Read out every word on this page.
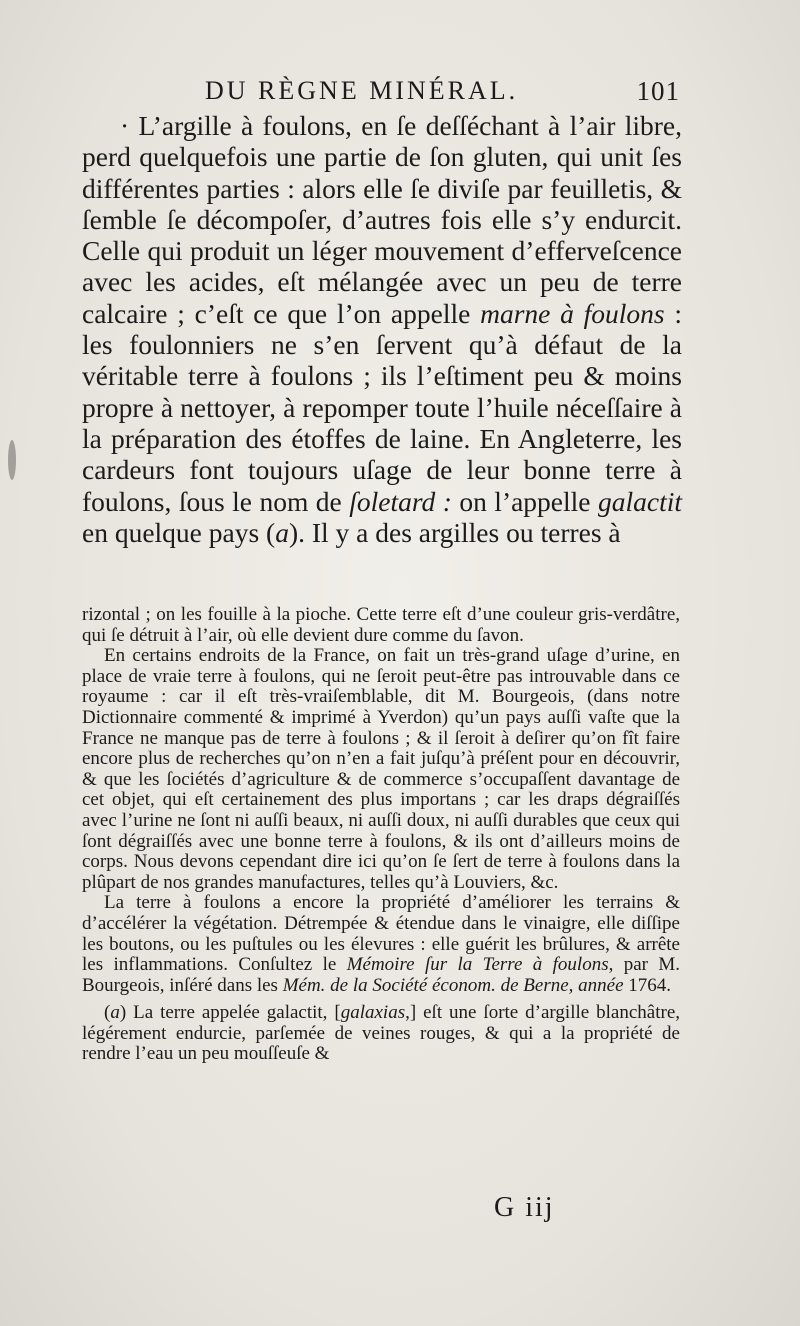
DU RÈGNE MINÉRAL.	101

· L’argille à foulons, en ſe deſſéchant à l’air libre, perd quelquefois une partie de ſon gluten, qui unit ſes différentes parties : alors elle ſe diviſe par feuilletis, & ſemble ſe décompoſer, d’autres fois elle s’y endurcit. Celle qui produit un léger mouvement d’efferveſcence avec les acides, eſt mélangée avec un peu de terre calcaire ; c’eſt ce que l’on appelle marne à foulons : les foulonniers ne s’en ſervent qu’à défaut de la véritable terre à foulons ; ils l’eſtiment peu & moins propre à nettoyer, à repomper toute l’huile néceſſaire à la préparation des étoffes de laine. En Angleterre, les cardeurs font toujours uſage de leur bonne terre à foulons, ſous le nom de ſoletard : on l’appelle galactit en quelque pays (a). Il y a des argilles ou terres à

rizontal ; on les fouille à la pioche. Cette terre eſt d’une couleur gris-verdâtre, qui ſe détruit à l’air, où elle devient dure comme du ſavon.

En certains endroits de la France, on fait un très-grand uſage d’urine, en place de vraie terre à foulons, qui ne ſeroit peut-être pas introuvable dans ce royaume : car il eſt très-vraiſemblable, dit M. Bourgeois, (dans notre Dictionnaire commenté & imprimé à Yverdon) qu’un pays auſſi vaſte que la France ne manque pas de terre à foulons ; & il ſeroit à deſirer qu’on fît faire encore plus de recherches qu’on n’en a fait juſqu’à préſent pour en découvrir, & que les ſociétés d’agriculture & de commerce s’occupaſſent davantage de cet objet, qui eſt certainement des plus importans ; car les draps dégraiſſés avec l’urine ne ſont ni auſſi beaux, ni auſſi doux, ni auſſi durables que ceux qui ſont dégraiſſés avec une bonne terre à foulons, & ils ont d’ailleurs moins de corps. Nous devons cependant dire ici qu’on ſe ſert de terre à foulons dans la plûpart de nos grandes manufactures, telles qu’à Louviers, &c.

La terre à foulons a encore la propriété d’améliorer les terrains & d’accélérer la végétation. Détrempée & étendue dans le vinaigre, elle diſſipe les boutons, ou les puſtules ou les élevures : elle guérit les brûlures, & arrête les inflammations. Conſultez le Mémoire ſur la Terre à foulons, par M. Bourgeois, inſéré dans les Mém. de la Société économ. de Berne, année 1764.

(a) La terre appelée galactit, [galaxias,] eſt une ſorte d’argille blanchâtre, légérement endurcie, parſemée de veines rouges, & qui a la propriété de rendre l’eau un peu mouſſeuſe &

G iij
